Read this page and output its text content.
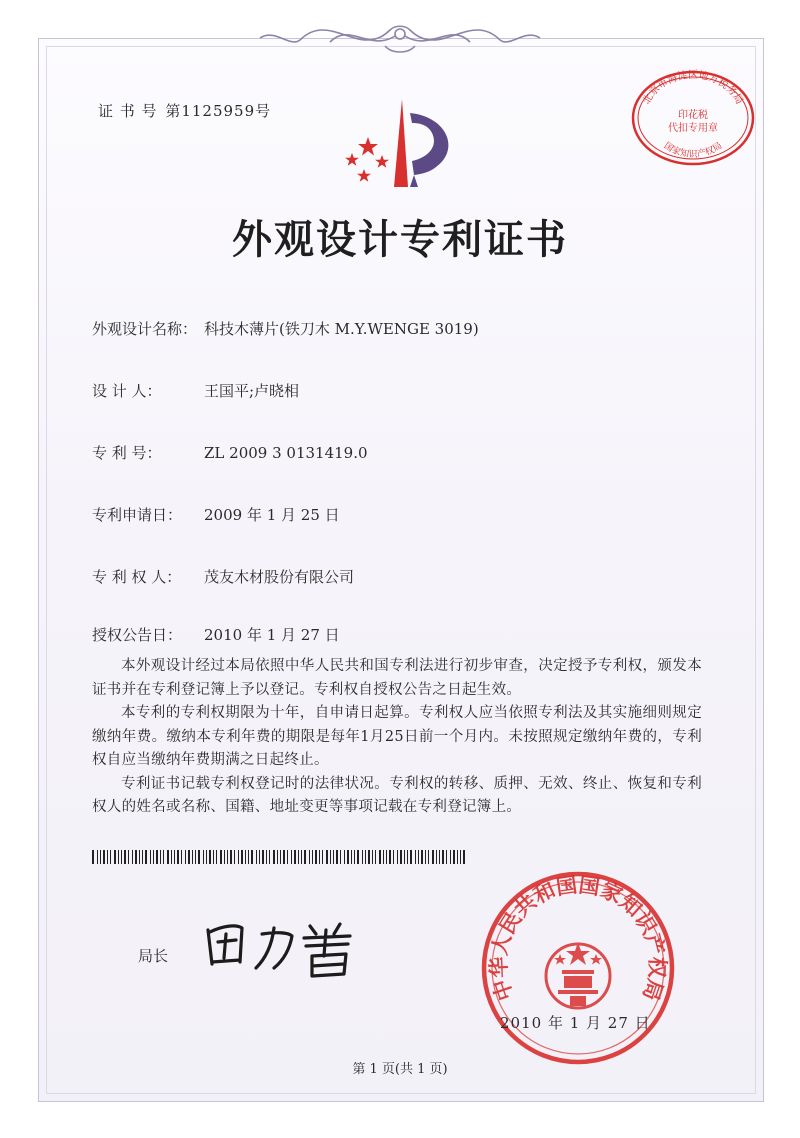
证 书 号 第1125959号
北京市海淀区地方税务局
印花税
代扣专用章
国家知识产权局
外观设计专利证书
外观设计名称： 科技木薄片(铁刀木 M.Y.WENGE 3019)
设 计 人：	王国平;卢晓相
专 利 号：	ZL 2009 3 0131419.0
专利申请日： 2009 年 1 月 25 日
专 利 权 人： 茂友木材股份有限公司
授权公告日： 2010 年 1 月 27 日

本外观设计经过本局依照中华人民共和国专利法进行初步审查，决定授予专利权，颁发本证书并在专利登记簿上予以登记。专利权自授权公告之日起生效。

本专利的专利权期限为十年，自申请日起算。专利权人应当依照专利法及其实施细则规定缴纳年费。缴纳本专利年费的期限是每年1月25日前一个月内。未按照规定缴纳年费的，专利权自应当缴纳年费期满之日起终止。

专利证书记载专利权登记时的法律状况。专利权的转移、质押、无效、终止、恢复和专利权人的姓名或名称、国籍、地址变更等事项记载在专利登记簿上。

局长
中华人民共和国国家知识产权局
2010 年 1 月 27 日
第 1 页(共 1 页)
